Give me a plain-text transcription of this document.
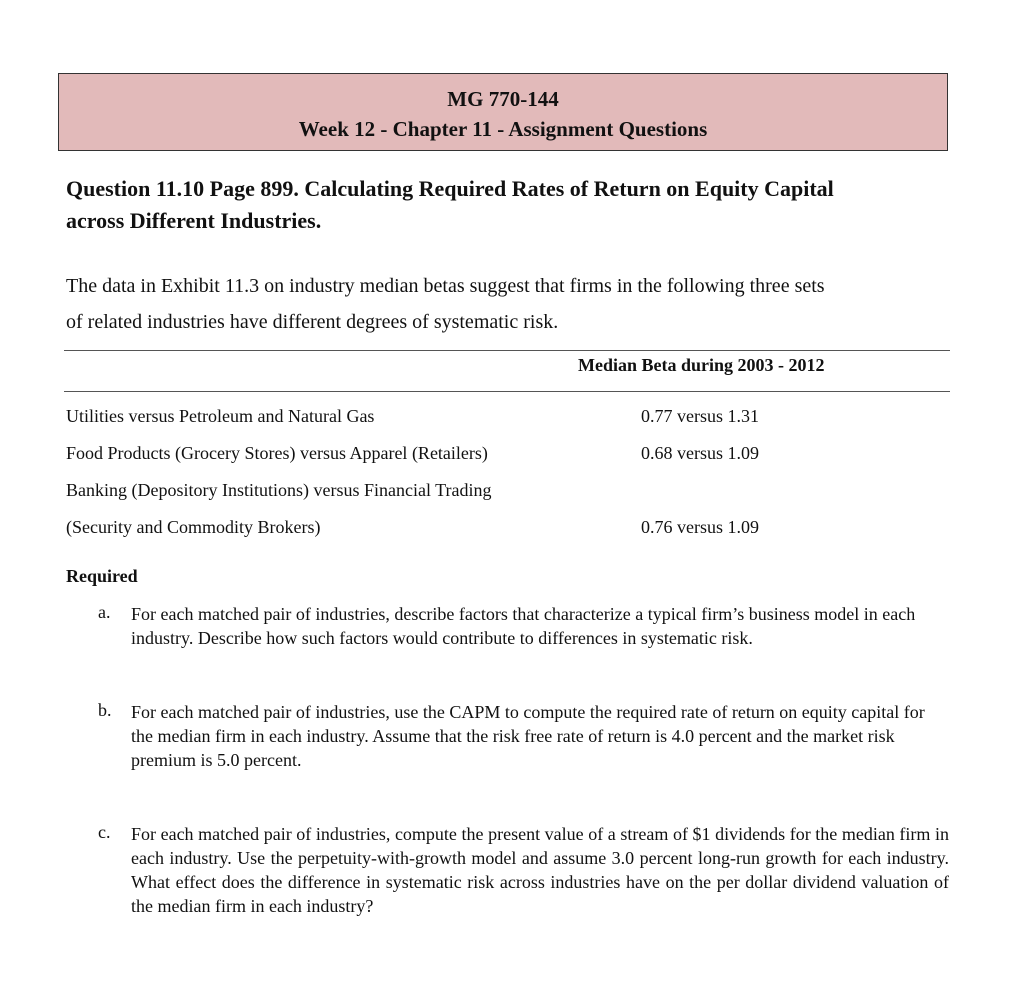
MG 770-144
Week 12 - Chapter 11 - Assignment Questions
Question 11.10 Page 899. Calculating Required Rates of Return on Equity Capital
across Different Industries.
The data in Exhibit 11.3 on industry median betas suggest that firms in the following three sets
of related industries have different degrees of systematic risk.
Median Beta during 2003 - 2012
Utilities versus Petroleum and Natural Gas	0.77 versus 1.31
Food Products (Grocery Stores) versus Apparel (Retailers)	0.68 versus 1.09
Banking (Depository Institutions) versus Financial Trading
(Security and Commodity Brokers)	0.76 versus 1.09
Required
a. For each matched pair of industries, describe factors that characterize a typical firm’s business model in each industry. Describe how such factors would contribute to differences in systematic risk.
b. For each matched pair of industries, use the CAPM to compute the required rate of return on equity capital for the median firm in each industry. Assume that the risk free rate of return is 4.0 percent and the market risk premium is 5.0 percent.
c. For each matched pair of industries, compute the present value of a stream of $1 dividends for the median firm in each industry. Use the perpetuity-with-growth model and assume 3.0 percent long-run growth for each industry. What effect does the difference in systematic risk across industries have on the per dollar dividend valuation of the median firm in each industry?
